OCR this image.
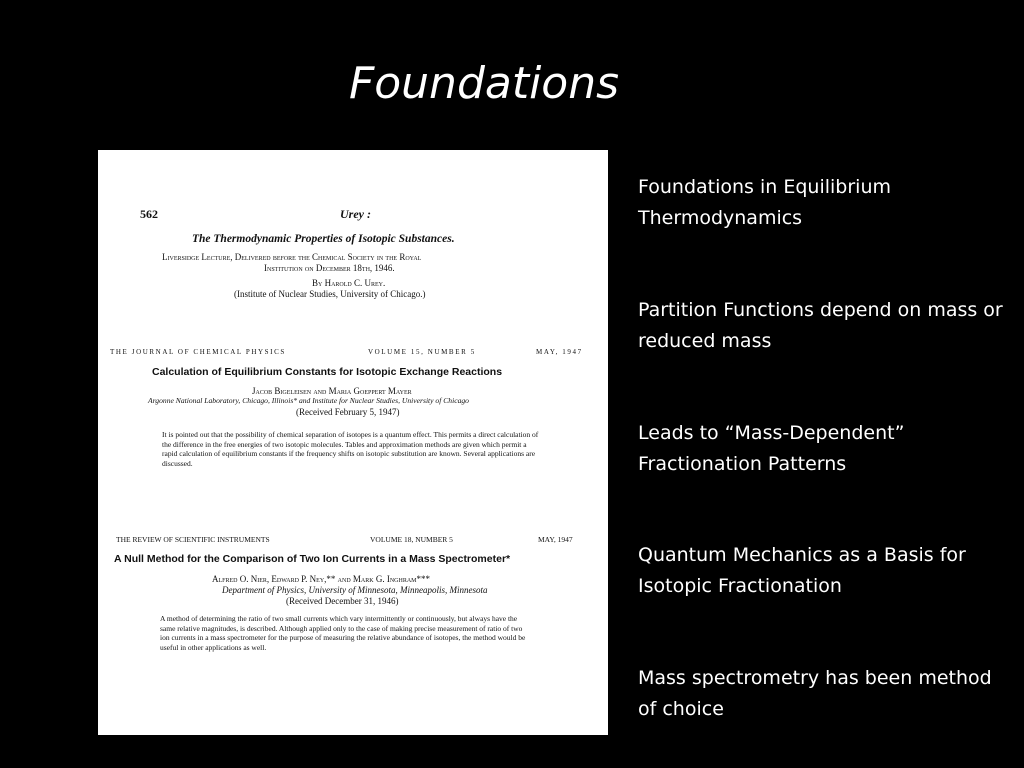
Foundations
562	Urey :
The Thermodynamic Properties of Isotopic Substances.
Liversidge Lecture, Delivered before the Chemical Society in the Royal
Institution on December 18th, 1946.
By Harold C. Urey.
(Institute of Nuclear Studies, University of Chicago.)
THE JOURNAL OF CHEMICAL PHYSICS	VOLUME 15, NUMBER 5	MAY, 1947
Calculation of Equilibrium Constants for Isotopic Exchange Reactions
Jacob Bigeleisen and Maria Goeppert Mayer
Argonne National Laboratory, Chicago, Illinois* and Institute for Nuclear Studies, University of Chicago
(Received February 5, 1947)
It is pointed out that the possibility of chemical separation of isotopes is a quantum effect. This permits a direct calculation of the difference in the free energies of two isotopic molecules. Tables and approximation methods are given which permit a rapid calculation of equilibrium constants if the frequency shifts on isotopic substitution are known. Several applications are discussed.
THE REVIEW OF SCIENTIFIC INSTRUMENTS	VOLUME 18, NUMBER 5	MAY, 1947
A Null Method for the Comparison of Two Ion Currents in a Mass Spectrometer*
Alfred O. Nier, Edward P. Ney,** and Mark G. Inghram***
Department of Physics, University of Minnesota, Minneapolis, Minnesota
(Received December 31, 1946)
A method of determining the ratio of two small currents which vary intermittently or continuously, but always have the same relative magnitudes, is described. Although applied only to the case of making precise measurement of ratio of two ion currents in a mass spectrometer for the purpose of measuring the relative abundance of isotopes, the method would be useful in other applications as well.
Foundations in Equilibrium Thermodynamics
Partition Functions depend on mass or reduced mass
Leads to “Mass-Dependent” Fractionation Patterns
Quantum Mechanics as a Basis for Isotopic Fractionation
Mass spectrometry has been method of choice
